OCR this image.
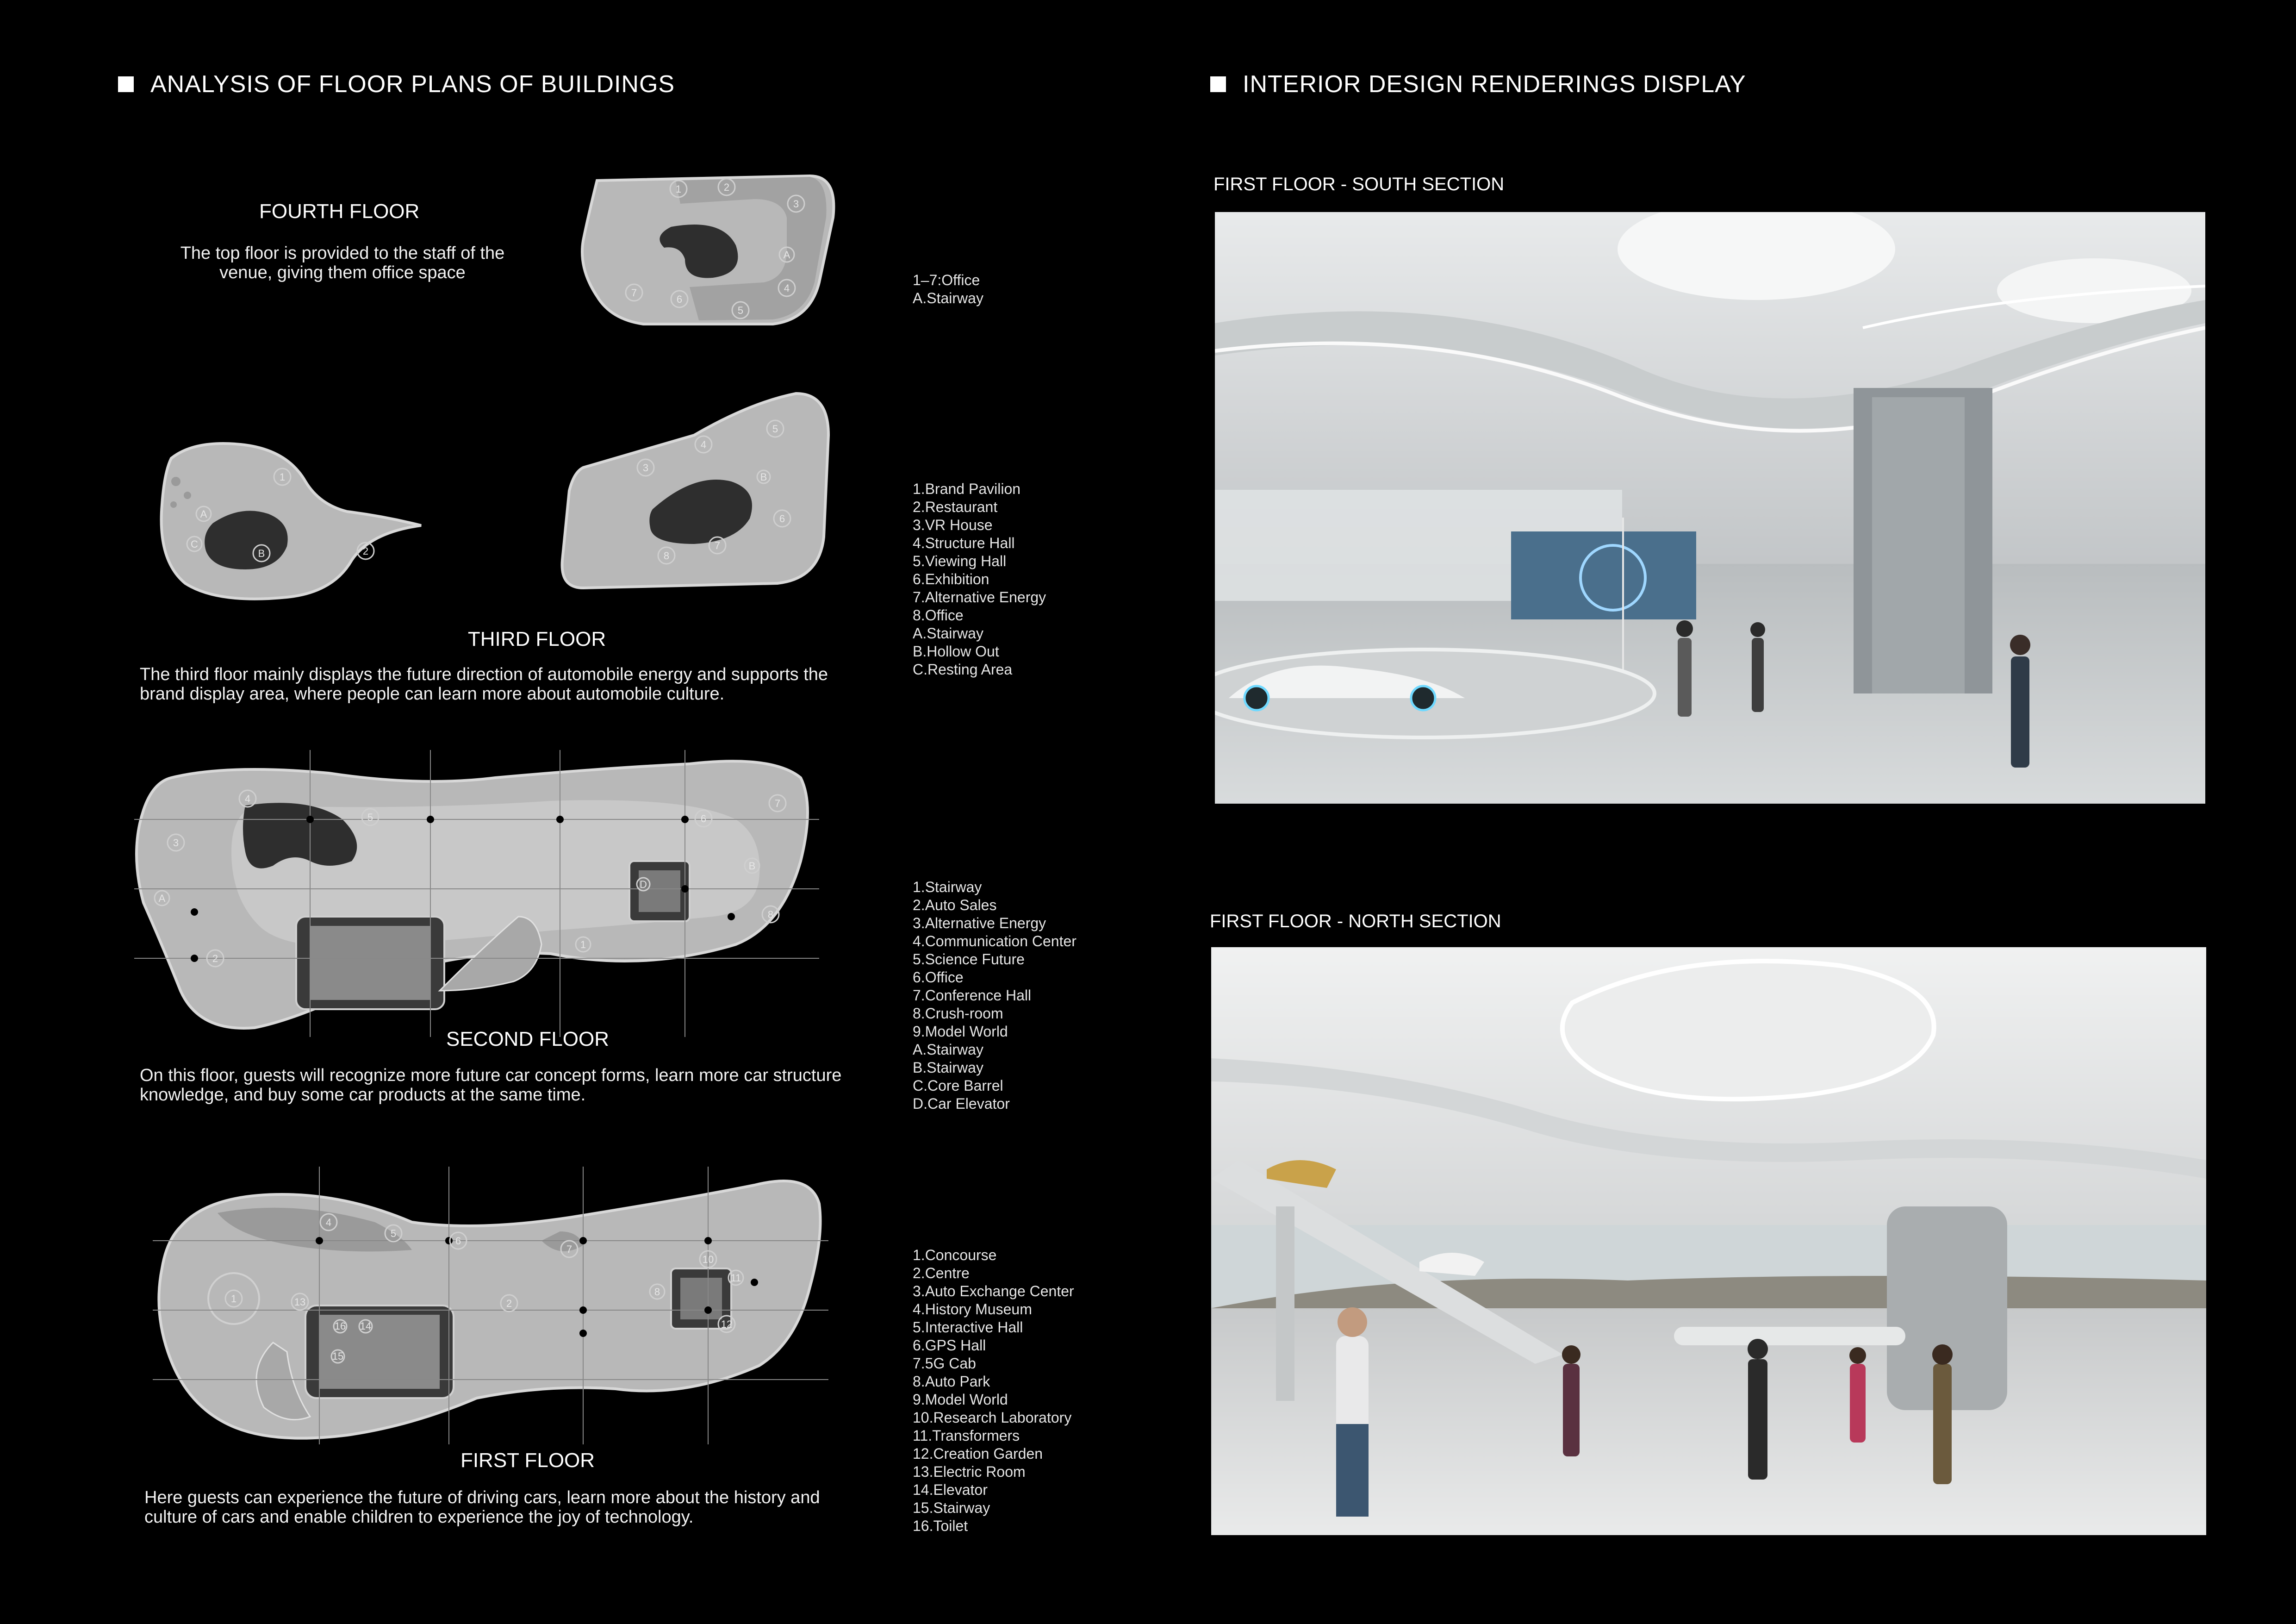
ANALYSIS OF FLOOR PLANS OF BUILDINGS	INTERIOR DESIGN RENDERINGS DISPLAY
FOURTH FLOOR
The top floor is provided to the staff of the venue, giving them office space
1	2
3
A
4
5
6
7
1–7:Office
A.Stairway
1
A
B
C
2
3
4
5
6
7
8
B
THIRD FLOOR
The third floor mainly displays the future direction of automobile energy and supports the brand display area, where people can learn more about automobile culture.
1.Brand Pavilion
2.Restaurant
3.VR House
4.Structure Hall
5.Viewing Hall
6.Exhibition
7.Alternative Energy
8.Office
A.Stairway
B.Hollow Out
C.Resting Area
4
5
3
2
A
6
7
B
8
D
1
SECOND FLOOR
On this floor, guests will recognize more future car concept forms, learn more car structure knowledge, and buy some car products at the same time.
1.Stairway
2.Auto Sales
3.Alternative Energy
4.Communication Center
5.Science Future
6.Office
7.Conference Hall
8.Crush-room
9.Model World
A.Stairway
B.Stairway
C.Core Barrel
D.Car Elevator
4
5
6
7
1	13	2
8
10
11
12
16 14
15
FIRST FLOOR
Here guests can experience the future of driving cars, learn more about the history and culture of cars and enable children to experience the joy of technology.
1.Concourse
2.Centre
3.Auto Exchange Center
4.History Museum
5.Interactive Hall
6.GPS Hall
7.5G Cab
8.Auto Park
9.Model World
10.Research Laboratory
11.Transformers
12.Creation Garden
13.Electric Room
14.Elevator
15.Stairway
16.Toilet
FIRST FLOOR - SOUTH SECTION
FIRST FLOOR - NORTH SECTION
